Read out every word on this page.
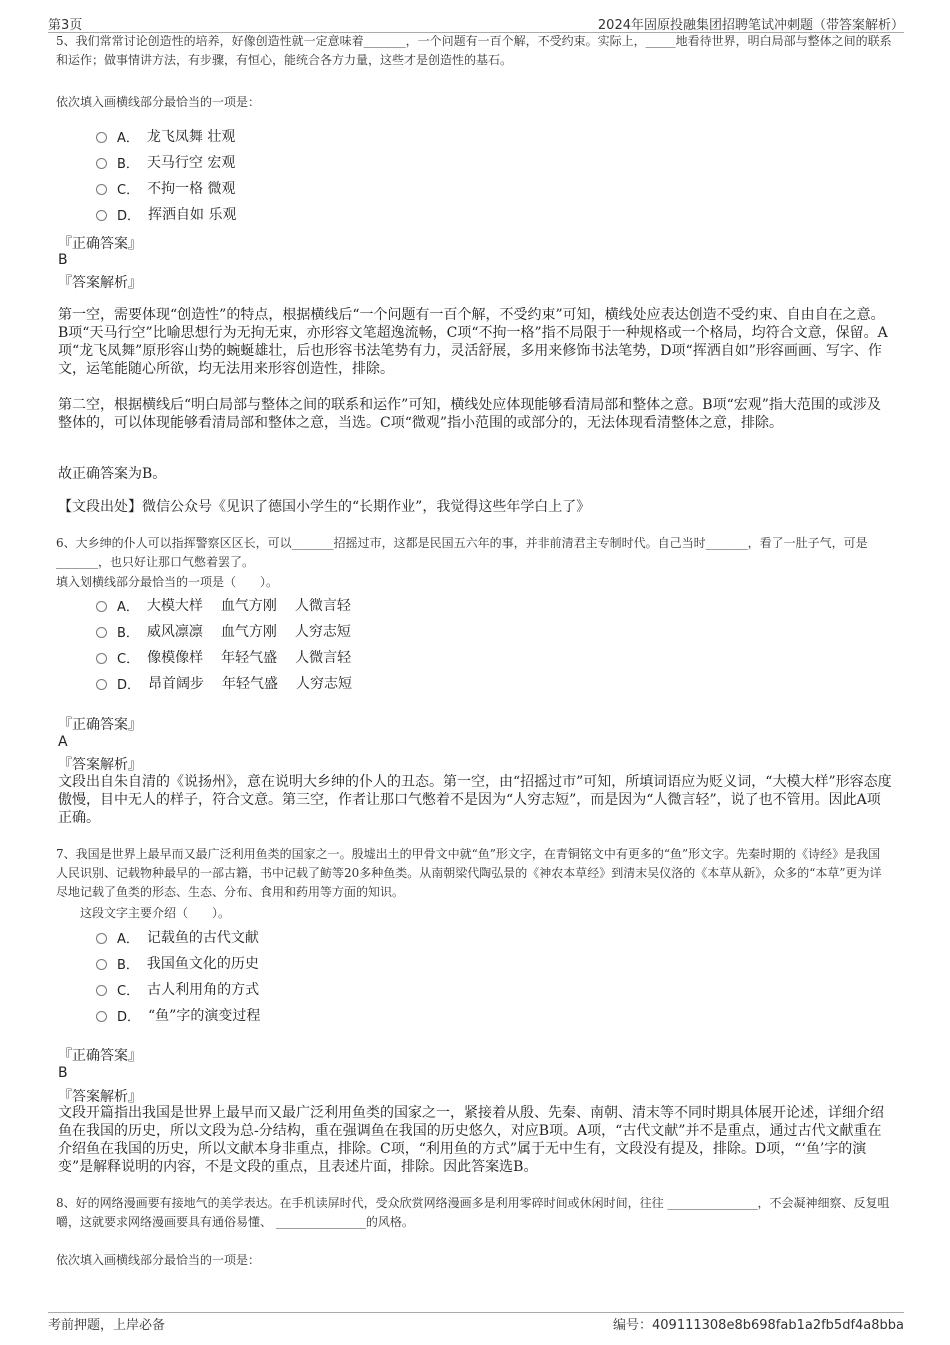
第3页	2024年固原投融集团招聘笔试冲刺题（带答案解析）
5、我们常常讨论创造性的培养，好像创造性就一定意味着_______，一个问题有一百个解，不受约束。实际上，_____地看待世界，明白局部与整体之间的联系和运作；做事情讲方法，有步骤，有恒心，能统合各方力量，这些才是创造性的基石。
依次填入画横线部分最恰当的一项是：
A． 龙飞凤舞 壮观
B． 天马行空 宏观
C． 不拘一格 微观
D． 挥洒自如 乐观
『正确答案』
B
『答案解析』
第一空，需要体现“创造性”的特点，根据横线后“一个问题有一百个解，不受约束”可知，横线处应表达创造不受约束、自由自在之意。B项“天马行空”比喻思想行为无拘无束，亦形容文笔超逸流畅，C项“不拘一格”指不局限于一种规格或一个格局，均符合文意，保留。A项“龙飞凤舞”原形容山势的蜿蜒雄壮，后也形容书法笔势有力，灵活舒展，多用来修饰书法笔势，D项“挥洒自如”形容画画、写字、作文，运笔能随心所欲，均无法用来形容创造性，排除。
第二空，根据横线后“明白局部与整体之间的联系和运作”可知，横线处应体现能够看清局部和整体之意。B项“宏观”指大范围的或涉及整体的，可以体现能够看清局部和整体之意，当选。C项“微观”指小范围的或部分的，无法体现看清整体之意，排除。
故正确答案为B。
【文段出处】微信公众号《见识了德国小学生的“长期作业”，我觉得这些年学白上了》
6、大乡绅的仆人可以指挥警察区区长，可以_______招摇过市，这都是民国五六年的事，并非前清君主专制时代。自己当时_______，看了一肚子气，可是_______，也只好让那口气憋着罢了。
填入划横线部分最恰当的一项是（　　）。
A． 大模大样 血气方刚 人微言轻
B． 威风凛凛 血气方刚 人穷志短
C． 像模像样 年轻气盛 人微言轻
D． 昂首阔步 年轻气盛 人穷志短
『正确答案』
A
『答案解析』
文段出自朱自清的《说扬州》，意在说明大乡绅的仆人的丑态。第一空，由“招摇过市”可知，所填词语应为贬义词，“大模大样”形容态度傲慢，目中无人的样子，符合文意。第三空，作者让那口气憋着不是因为“人穷志短”，而是因为“人微言轻”，说了也不管用。因此A项正确。
7、我国是世界上最早而又最广泛利用鱼类的国家之一。殷墟出土的甲骨文中就“鱼”形文字，在青铜铭文中有更多的“鱼”形文字。先秦时期的《诗经》是我国人民识别、记载物种最早的一部古籍，书中记载了鲂等20多种鱼类。从南朝梁代陶弘景的《神农本草经》到清末吴仪洛的《本草从新》，众多的“本草”更为详尽地记载了鱼类的形态、生态、分布、食用和药用等方面的知识。
这段文字主要介绍（　　）。
A． 记载鱼的古代文献
B． 我国鱼文化的历史
C． 古人利用角的方式
D． “鱼”字的演变过程
『正确答案』
B
『答案解析』
文段开篇指出我国是世界上最早而又最广泛利用鱼类的国家之一，紧接着从殷、先秦、南朝、清末等不同时期具体展开论述，详细介绍鱼在我国的历史，所以文段为总-分结构，重在强调鱼在我国的历史悠久，对应B项。A项，“古代文献”并不是重点，通过古代文献重在介绍鱼在我国的历史，所以文献本身非重点，排除。C项，“利用鱼的方式”属于无中生有，文段没有提及，排除。D项，“‘鱼’字的演变”是解释说明的内容，不是文段的重点，且表述片面，排除。因此答案选B。
8、好的网络漫画要有接地气的美学表达。在手机读屏时代，受众欣赏网络漫画多是利用零碎时间或休闲时间，往往 _______________，不会凝神细察、反复咀嚼，这就要求网络漫画要具有通俗易懂、 _______________的风格。
依次填入画横线部分最恰当的一项是：
考前押题，上岸必备	编号：409111308e8b698fab1a2fb5df4a8bba
